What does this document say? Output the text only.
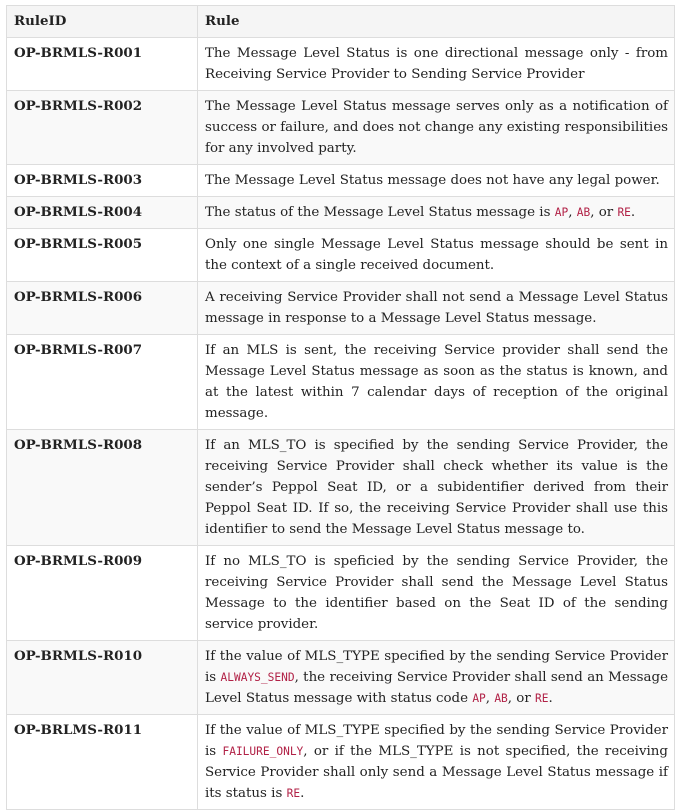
RuleID	Rule
OP-BRMLS-R001	The Message Level Status is one directional message only - from Receiving Service Provider to Sending Service Provider
OP-BRMLS-R002	The Message Level Status message serves only as a notification of success or failure, and does not change any existing responsibilities for any involved party.
OP-BRMLS-R003	The Message Level Status message does not have any legal power.
OP-BRMLS-R004	The status of the Message Level Status message is AP, AB, or RE.
OP-BRMLS-R005	Only one single Message Level Status message should be sent in the context of a single received document.
OP-BRMLS-R006	A receiving Service Provider shall not send a Message Level Status message in response to a Message Level Status message.
OP-BRMLS-R007	If an MLS is sent, the receiving Service provider shall send the Message Level Status message as soon as the status is known, and at the latest within 7 calendar days of reception of the original message.
OP-BRMLS-R008	If an MLS_TO is specified by the sending Service Provider, the receiving Service Provider shall check whether its value is the sender’s Peppol Seat ID, or a subidentifier derived from their Peppol Seat ID. If so, the receiving Service Provider shall use this identifier to send the Message Level Status message to.
OP-BRMLS-R009	If no MLS_TO is speficied by the sending Service Provider, the receiving Service Provider shall send the Message Level Status Message to the identifier based on the Seat ID of the sending service provider.
OP-BRMLS-R010	If the value of MLS_TYPE specified by the sending Service Provider is ALWAYS_SEND, the receiving Service Provider shall send an Message Level Status message with status code AP, AB, or RE.
OP-BRLMS-R011	If the value of MLS_TYPE specified by the sending Service Provider is FAILURE_ONLY, or if the MLS_TYPE is not specified, the receiving Service Provider shall only send a Message Level Status message if its status is RE.
